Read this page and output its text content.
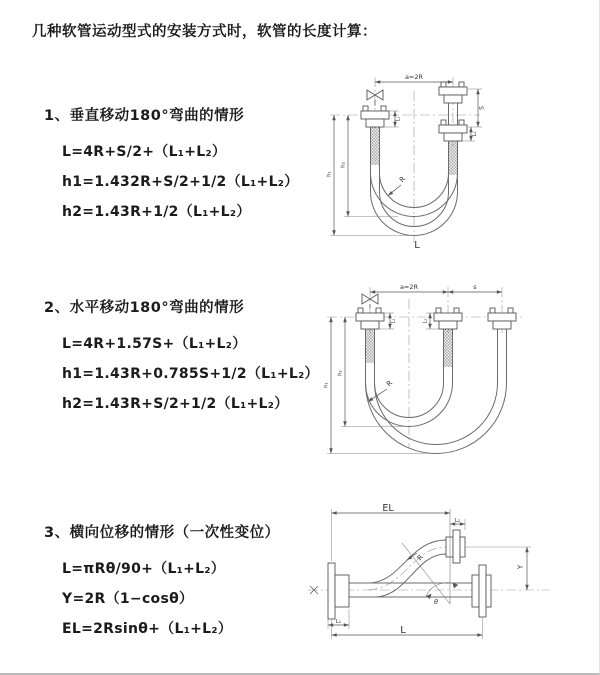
几种软管运动型式的安装方式时，软管的长度计算：
1、垂直移动180°弯曲的情形
L=4R+S/2+（L₁+L₂）
h1=1.432R+S/2+1/2（L₁+L₂）
h2=1.43R+1/2（L₁+L₂）
2、水平移动180°弯曲的情形
L=4R+1.57S+（L₁+L₂）
h1=1.43R+0.785S+1/2（L₁+L₂）
h2=1.43R+S/2+1/2（L₁+L₂）
3、横向位移的情形（一次性变位）
L=πRθ/90+（L₁+L₂）
Y=2R（1−cosθ）
EL=2Rsinθ+（L₁+L₂）
a=2R
S
L₂
L₁
h₂
h₁
R
L
a=2R	s
L₁	L₂
h₂
h₁	R
EL
L₂
L
L₁
Y
R
θ
